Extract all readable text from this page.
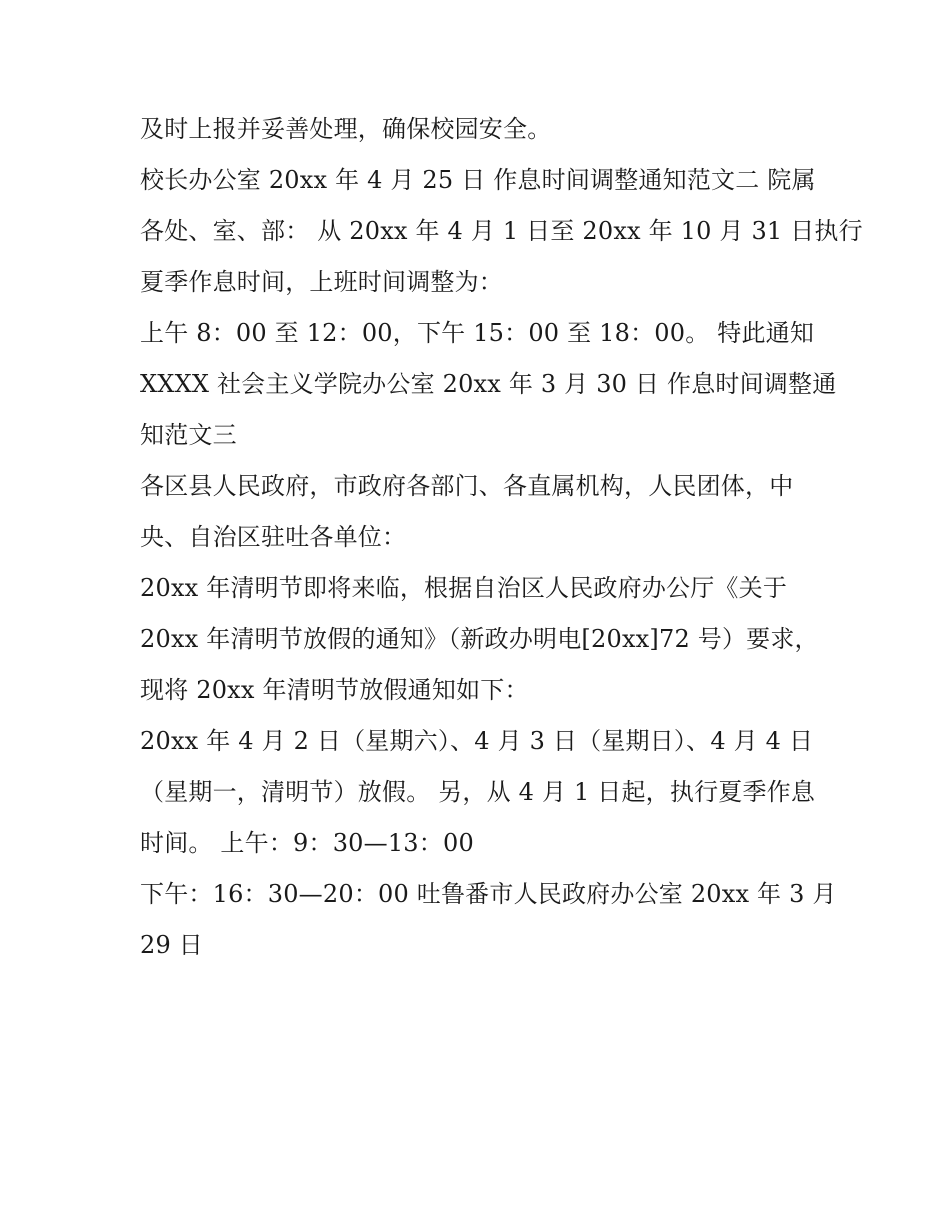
及时上报并妥善处理，确保校园安全。
校长办公室 20xx 年 4 月 25 日 作息时间调整通知范文二 院属
各处、室、部： 从 20xx 年 4 月 1 日至 20xx 年 10 月 31 日执行
夏季作息时间，上班时间调整为：
上午 8：00 至 12：00，下午 15：00 至 18：00。 特此通知
XXXX 社会主义学院办公室 20xx 年 3 月 30 日 作息时间调整通
知范文三
各区县人民政府，市政府各部门、各直属机构，人民团体，中
央、自治区驻吐各单位：
20xx 年清明节即将来临，根据自治区人民政府办公厅《关于
20xx 年清明节放假的通知》（新政办明电[20xx]72 号）要求，
现将 20xx 年清明节放假通知如下：
20xx 年 4 月 2 日（星期六）、4 月 3 日（星期日）、4 月 4 日
（星期一，清明节）放假。 另，从 4 月 1 日起，执行夏季作息
时间。 上午：9：30—13：00
下午：16：30—20：00 吐鲁番市人民政府办公室 20xx 年 3 月
29 日
